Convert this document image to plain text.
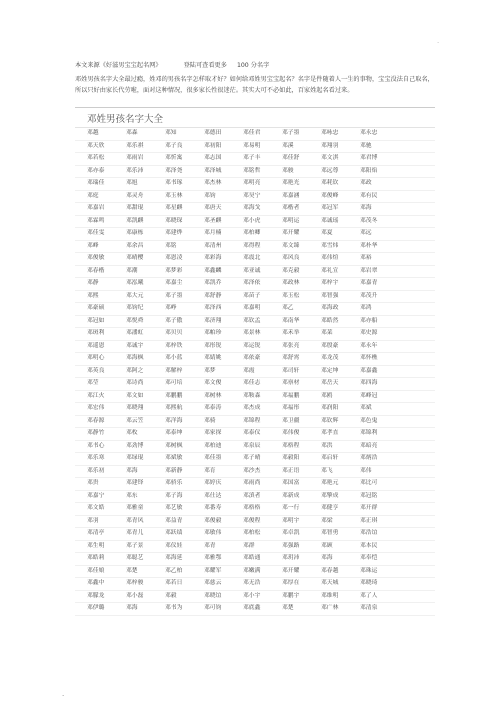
·
本文来源《好滋男宝宝起名网》	登陆可查看更多 100 分名字
邓姓男孩名字大全最过瘾，姓邓的男孩名字怎样取才好？如何给邓姓男宝宝起名？名字是件随着人一生的事物，宝宝没法自己取名，所以只好由家长代劳啦，面对这种情况，很多家长性很迷茫。其实大可不必如此，百家姓起名看过来。
邓姓男孩名字大全
邓越	邓森	邓知	邓德田	邓佳君	邓子墨	邓咏忠	邓永忠
邓天欣	邓乐祺	邓子良	邓初阳	邓易明	邓溪	邓翔羽	邓驰
邓若松	邓雨岩	邓忻寓	邓志国	邓子丰	邓佳舒	邓文淇	邓君博
邓亦泰	邓乐沛	邓泽尧	邓泽城	邓铭哲	邓骏	邓远尊	邓阳焰
邓瑞佳	邓旭	邓书琢	邓杰林	邓明亮	邓艳光	邓耗钦	邓政
邓庭	邓灵舟	邓玉林	邓钧	邓昊宁	邓嘉涵	邓俊峰	邓有民
邓嘉岩	邓甜琨	邓星麒	邓唐天	邓海戈	邓楷者	邓冠军	邓海
邓霖鸣	邓凯麒	邓晓琛	邓圣麒	邓小虎	邓明运	邓诚瑶	邓茂冬
邓佳雯	邓康栋	邓建烨	邓月楠	邓柏卿	邓开耀	邓夏	邓远
邓峰	邓余昌	邓铭	邓清州	邓得程	邓文臻	邓雪炜	邓朴华
邓俊敏	邓晴樱	邓恩凌	邓彩海	邓震北	邓风良	邓伟煊	邓裕
邓春楷	邓潮	邓梦彩	邓鑫麟	邓亚诚	邓克毅	邓礼宣	邓岩翠
邓静	邓泓曦	邓嘉尘	邓凯乔	邓泽依	邓政林	邓梓宇	邓嘉青
邓熙	邓大元	邓子墨	邓舒静	邓苗子	邓玉松	邓智强	邓茂升
邓豪硕	邓钧纪	邓峥	邓泽西	邓嘉明	邓乙	邓海政	邓鸿
邓冠如	邓悦舜	邓子傲	邓济翔	邓钦孟	邓南华	邓皓然	邓亦船
邓斑利	邓潘虹	邓贝贝	邓帕珍	邓景林	邓禾举	邓棻	邓史源
邓遥恩	邓诚宇	邓梓铁	邓彤锐	邓运锐	邓张亮	邓殷豪	邓永年
邓明心	邓海枫	邓小蓝	邓婧姚	邓依豪	邓舒霄	邓龙茂	邓怀樵
邓英良	邓阿之	邓解梓	邓梦	邓霞	邓司轩	邓定坤	邓嘉鑫
邓莹	邓诗尚	邓可培	邓文俊	邓佳志	邓禀材	邓岳天	邓四海
邓江火	邓文如	邓鹏鹏	邓树林	邓鞍森	邓福鹏	邓鸥	邓峰冠
邓宏伟	邓晓翔	邓熙航	邓泰涛	邓杰成	邓福彤	邓润阳	邓斌
邓春源	邓云笠	邓洋海	邓骑	邓锦程	邓卫疆	邓钦辉	邓色鬼
邓静竹	邓枚	邓泰坤	邓家探	邓泰仪	邓伟俊	邓孝直	邓锦利
邓书心	邓劲博	邓树枫	邓柏迪	邓泉辰	邓格程	邓洪	邓暗亮
邓乐寒	邓绿琨	邓斌敏	邓佳墨	邓子晴	邓毅阳	邓启轩	邓炳浩
邓乐初	邓海	邓新静	邓育	邓沙杰	邓正语	邓飞	邓伟
邓贵	邓建铎	邓骄乐	邓婷庆	邓雨尚	邓国富	邓艳元	邓比可
邓嘉宁	邓东	邓子海	邓仕达	邓滇者	邓新成	邓擎成	邓冠铭
邓文皓	邓雅童	邓艺敏	邓番寿	邓格格	邓一行	邓健亨	邓开群
邓羽	邓青风	邓益青	邓俊毅	邓俊程	邓明宇	邓梁	邓正琪
邓清亭	邓青儿	邓跃绩	邓敏伟	邓柏松	邓卓凯	邓智勇	邓浩谊
邓生明	邓子景	邓仪娃	邓青	邓群	邓强路	邓顾	邓本民
邓皓莉	邓聪艺	邓海延	邓雅鄂	邓皓通	邓玥沛	邓海	邓奉恺
邓佳娘	邓楚	邓乙柏	邓耀军	邓嫩满	邓开耀	邓春越	邓珠运
邓鑫中	邓梓骏	邓若日	邓慈云	邓无浩	邓厚在	邓天城	邓晓琦
邓朦龙	邓小磊	邓毅	邓晓谊	邓小宇	邓鹏宇	邓维明	邓了人
邓伊璐	邓海	邓书为	邓可钧	邓底鑫	邓楚	邓广林	邓清泉
·
